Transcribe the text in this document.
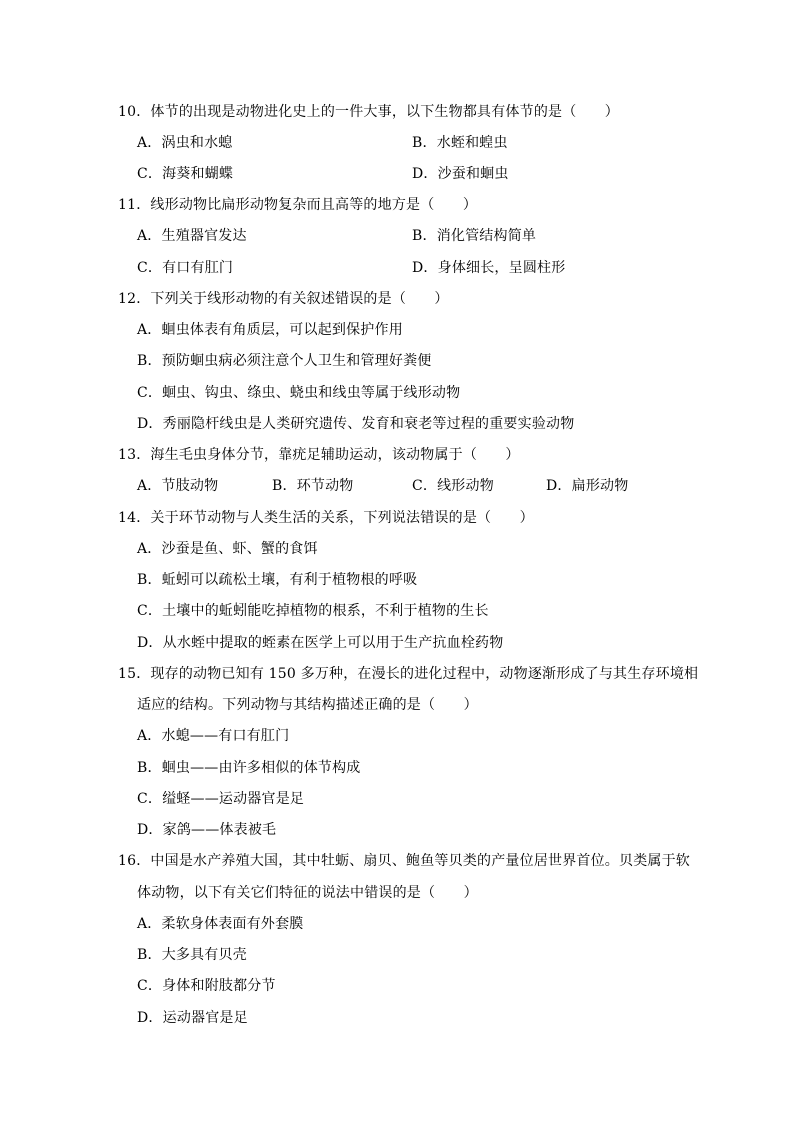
10．体节的出现是动物进化史上的一件大事，以下生物都具有体节的是（　　）
A．涡虫和水螅	B．水蛭和蝗虫
C．海葵和蝴蝶	D．沙蚕和蛔虫
11．线形动物比扁形动物复杂而且高等的地方是（　　）
A．生殖器官发达	B．消化管结构简单
C．有口有肛门	D．身体细长，呈圆柱形
12．下列关于线形动物的有关叙述错误的是（　　）
A．蛔虫体表有角质层，可以起到保护作用
B．预防蛔虫病必须注意个人卫生和管理好粪便
C．蛔虫、钩虫、绦虫、蛲虫和线虫等属于线形动物
D．秀丽隐杆线虫是人类研究遗传、发育和衰老等过程的重要实验动物
13．海生毛虫身体分节，靠疣足辅助运动，该动物属于（　　）
A．节肢动物	B．环节动物	C．线形动物	D．扁形动物
14．关于环节动物与人类生活的关系，下列说法错误的是（　　）
A．沙蚕是鱼、虾、蟹的食饵
B．蚯蚓可以疏松土壤，有利于植物根的呼吸
C．土壤中的蚯蚓能吃掉植物的根系，不利于植物的生长
D．从水蛭中提取的蛭素在医学上可以用于生产抗血栓药物
15．现存的动物已知有 150 多万种，在漫长的进化过程中，动物逐渐形成了与其生存环境相
适应的结构。下列动物与其结构描述正确的是（　　）
A．水螅——有口有肛门
B．蛔虫——由许多相似的体节构成
C．缢蛏——运动器官是足
D．家鸽——体表被毛
16．中国是水产养殖大国，其中牡蛎、扇贝、鲍鱼等贝类的产量位居世界首位。贝类属于软
体动物，以下有关它们特征的说法中错误的是（　　）
A．柔软身体表面有外套膜
B．大多具有贝壳
C．身体和附肢都分节
D．运动器官是足
